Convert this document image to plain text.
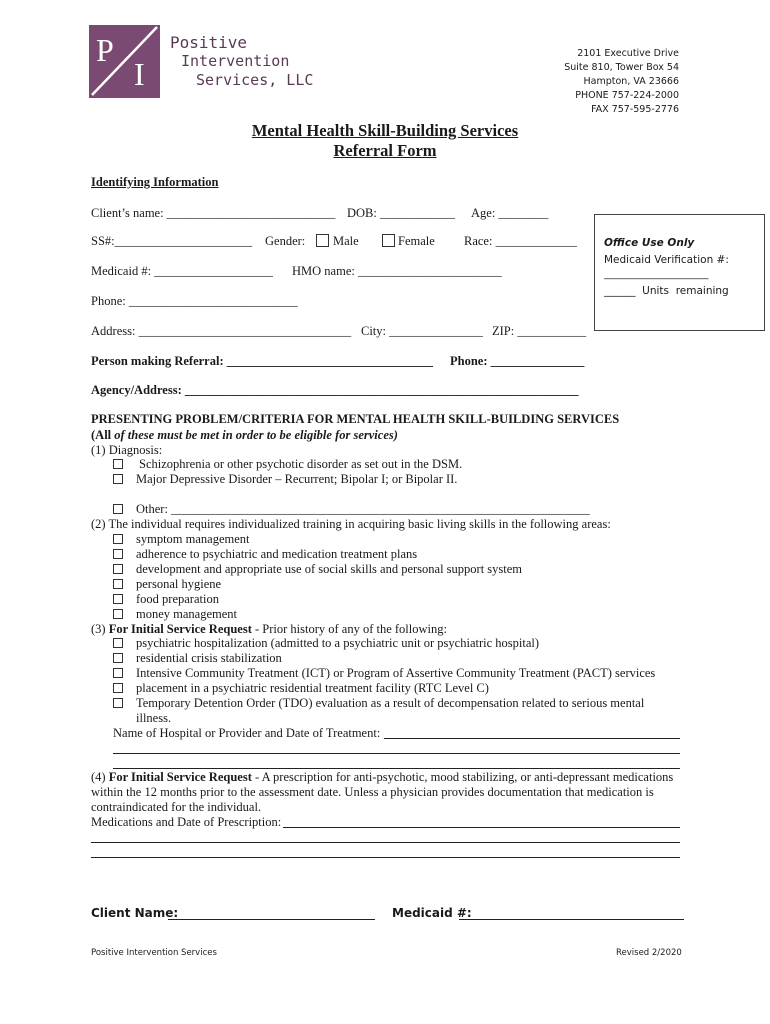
P
I
Positive
Intervention
Services, LLC
2101 Executive Drive
Suite 810, Tower Box 54
Hampton, VA 23666
PHONE 757-224-2000
FAX 757-595-2776
Mental Health Skill-Building Services
Referral Form
Identifying Information
Client’s name: ___________________________ DOB: ____________ Age: ________
SS#:______________________ Gender: Male	Female Race: _____________
Medicaid #: ___________________ HMO name: _______________________
Phone: ___________________________
Address: __________________________________ City: _______________ ZIP: ___________
Person making Referral: _________________________________ Phone: _______________
Agency/Address: _______________________________________________________________
Office Use Only
Medicaid Verification #:
______________________
______  Units  remaining
PRESENTING PROBLEM/CRITERIA FOR MENTAL HEALTH SKILL-BUILDING SERVICES
(All of these must be met in order to be eligible for services)
(1) Diagnosis:
Schizophrenia or other psychotic disorder as set out in the DSM.
Major Depressive Disorder – Recurrent; Bipolar I; or Bipolar II.
Other: ___________________________________________________________________
(2) The individual requires individualized training in acquiring basic living skills in the following areas:
symptom management
adherence to psychiatric and medication treatment plans
development and appropriate use of social skills and personal support system
personal hygiene
food preparation
money management
(3) For Initial Service Request - Prior history of any of the following:
psychiatric hospitalization (admitted to a psychiatric unit or psychiatric hospital)
residential crisis stabilization
Intensive Community Treatment (ICT) or Program of Assertive Community Treatment (PACT) services
placement in a psychiatric residential treatment facility (RTC Level C)
Temporary Detention Order (TDO) evaluation as a result of decompensation related to serious mental
illness.
Name of Hospital or Provider and Date of Treatment:
(4) For Initial Service Request - A prescription for anti-psychotic, mood stabilizing, or anti-depressant medications
within the 12 months prior to the assessment date. Unless a physician provides documentation that medication is
contraindicated for the individual.
Medications and Date of Prescription:
Client Name:	Medicaid #:
Positive Intervention Services	Revised 2/2020
